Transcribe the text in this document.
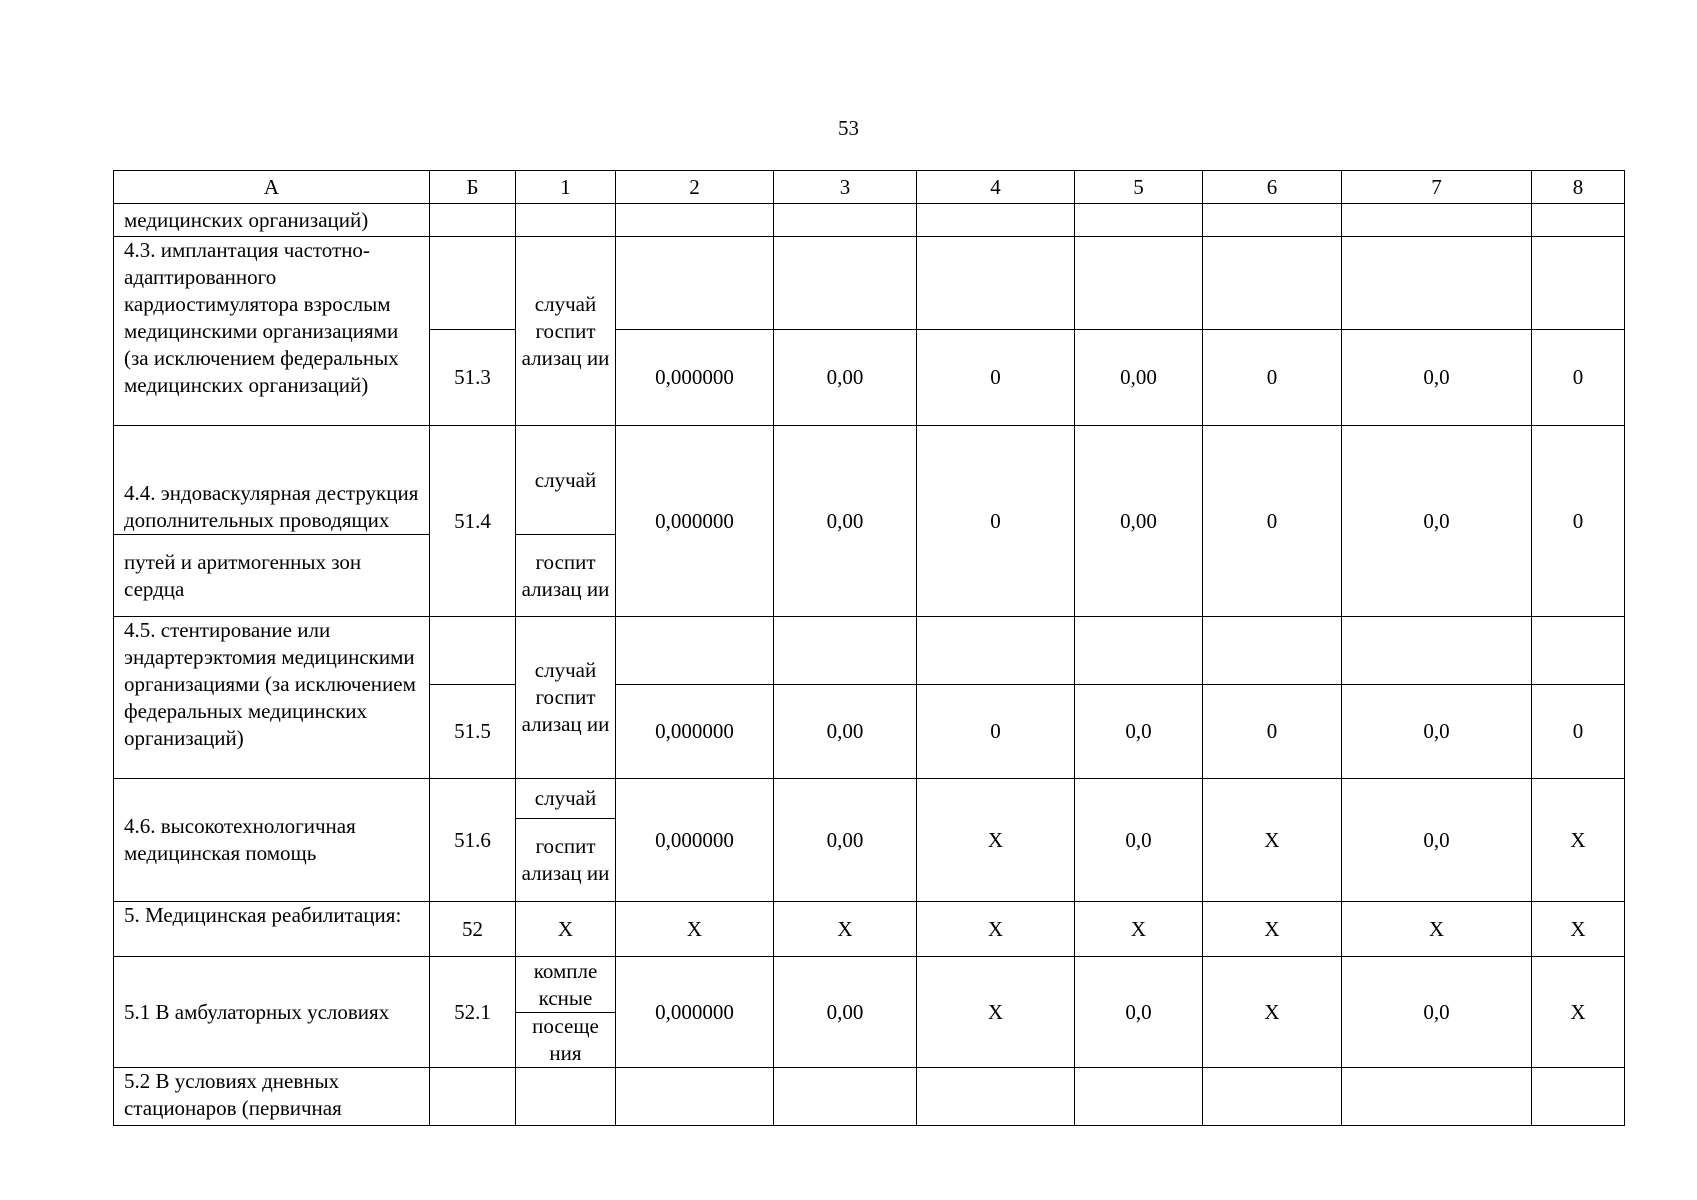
53
А	Б	1	2	3	4	5	6	7	8
медицинских организаций)									
4.3. имплантация частотно-адаптированного кардиостимулятора взрослым медицинскими организациями (за исключением федеральных медицинских организаций)		случай госпит ализац ии							
	51.3		0,000000	0,00	0	0,00	0	0,0	0
4.4. эндоваскулярная деструкция дополнительных проводящих	51.4	случай	0,000000	0,00	0	0,00	0	0,0	0
путей и аритмогенных зон сердца		госпит ализац ии							
4.5. стентирование или эндартерэктомия медицинскими организациями (за исключением федеральных медицинских организаций)		случай госпит ализац ии							
	51.5		0,000000	0,00	0	0,0	0	0,0	0
4.6. высокотехнологичная медицинская помощь	51.6	случай	0,000000	0,00	Х	0,0	Х	0,0	Х
		госпит ализац ии							
5. Медицинская реабилитация:	52	Х	Х	Х	Х	Х	Х	Х	Х
5.1 В амбулаторных условиях	52.1	компле ксные	0,000000	0,00	Х	0,0	Х	0,0	Х
		посеще ния							
5.2 В условиях дневных стационаров (первичная									
